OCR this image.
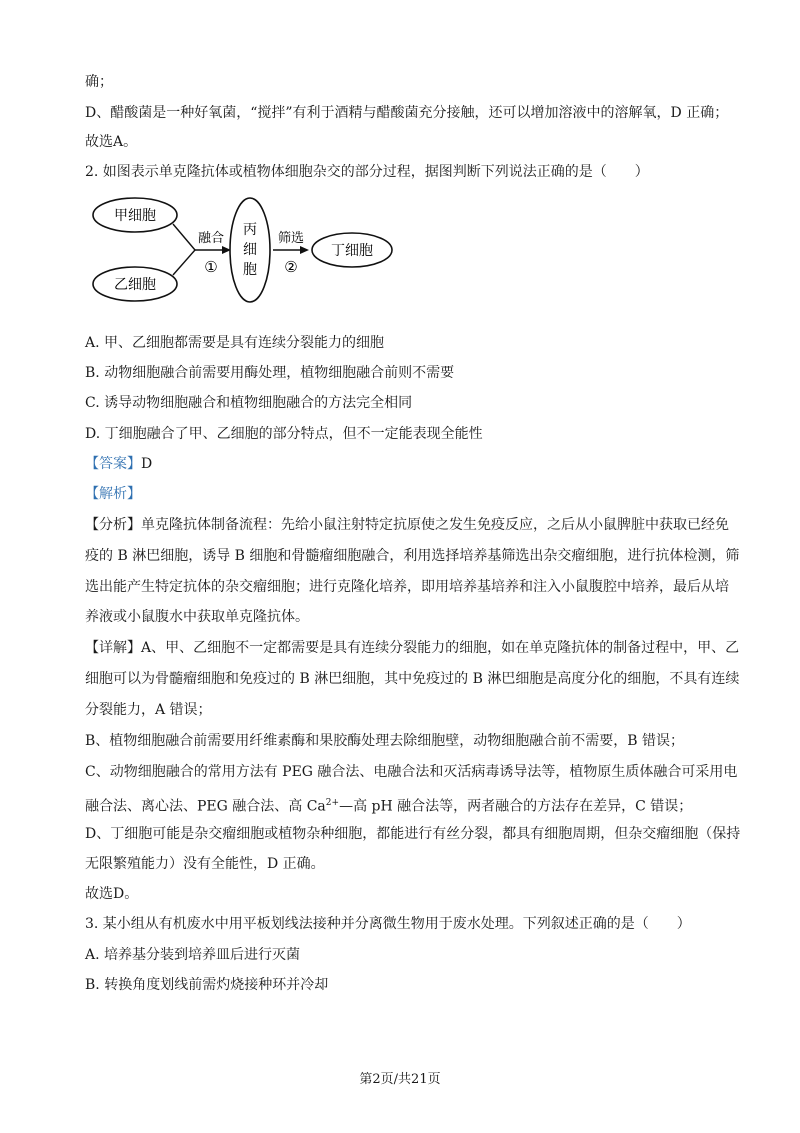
确；
D、醋酸菌是一种好氧菌，“搅拌”有利于酒精与醋酸菌充分接触，还可以增加溶液中的溶解氧，D 正确；
故选A。
2. 如图表示单克隆抗体或植物体细胞杂交的部分过程，据图判断下列说法正确的是（　　）
甲细胞
乙细胞
融合
①
丙
细
胞
筛选
②
丁细胞
A. 甲、乙细胞都需要是具有连续分裂能力的细胞
B. 动物细胞融合前需要用酶处理，植物细胞融合前则不需要
C. 诱导动物细胞融合和植物细胞融合的方法完全相同
D. 丁细胞融合了甲、乙细胞的部分特点，但不一定能表现全能性
【答案】D
【解析】
【分析】单克隆抗体制备流程：先给小鼠注射特定抗原使之发生免疫反应，之后从小鼠脾脏中获取已经免
疫的 B 淋巴细胞，诱导 B 细胞和骨髓瘤细胞融合，利用选择培养基筛选出杂交瘤细胞，进行抗体检测，筛
选出能产生特定抗体的杂交瘤细胞；进行克隆化培养，即用培养基培养和注入小鼠腹腔中培养，最后从培
养液或小鼠腹水中获取单克隆抗体。
【详解】A、甲、乙细胞不一定都需要是具有连续分裂能力的细胞，如在单克隆抗体的制备过程中，甲、乙
细胞可以为骨髓瘤细胞和免疫过的 B 淋巴细胞，其中免疫过的 B 淋巴细胞是高度分化的细胞，不具有连续
分裂能力，A 错误；
B、植物细胞融合前需要用纤维素酶和果胶酶处理去除细胞壁，动物细胞融合前不需要，B 错误；
C、动物细胞融合的常用方法有 PEG 融合法、电融合法和灭活病毒诱导法等，植物原生质体融合可采用电
融合法、离心法、PEG 融合法、高 $Ca^{2+}—$高 pH 融合法等，两者融合的方法存在差异，C 错误；
D、丁细胞可能是杂交瘤细胞或植物杂种细胞，都能进行有丝分裂，都具有细胞周期，但杂交瘤细胞（保持
无限繁殖能力）没有全能性，D 正确。
故选D。
3. 某小组从有机废水中用平板划线法接种并分离微生物用于废水处理。下列叙述正确的是（　　）
A. 培养基分装到培养皿后进行灭菌
B. 转换角度划线前需灼烧接种环并冷却
第2页/共21页
